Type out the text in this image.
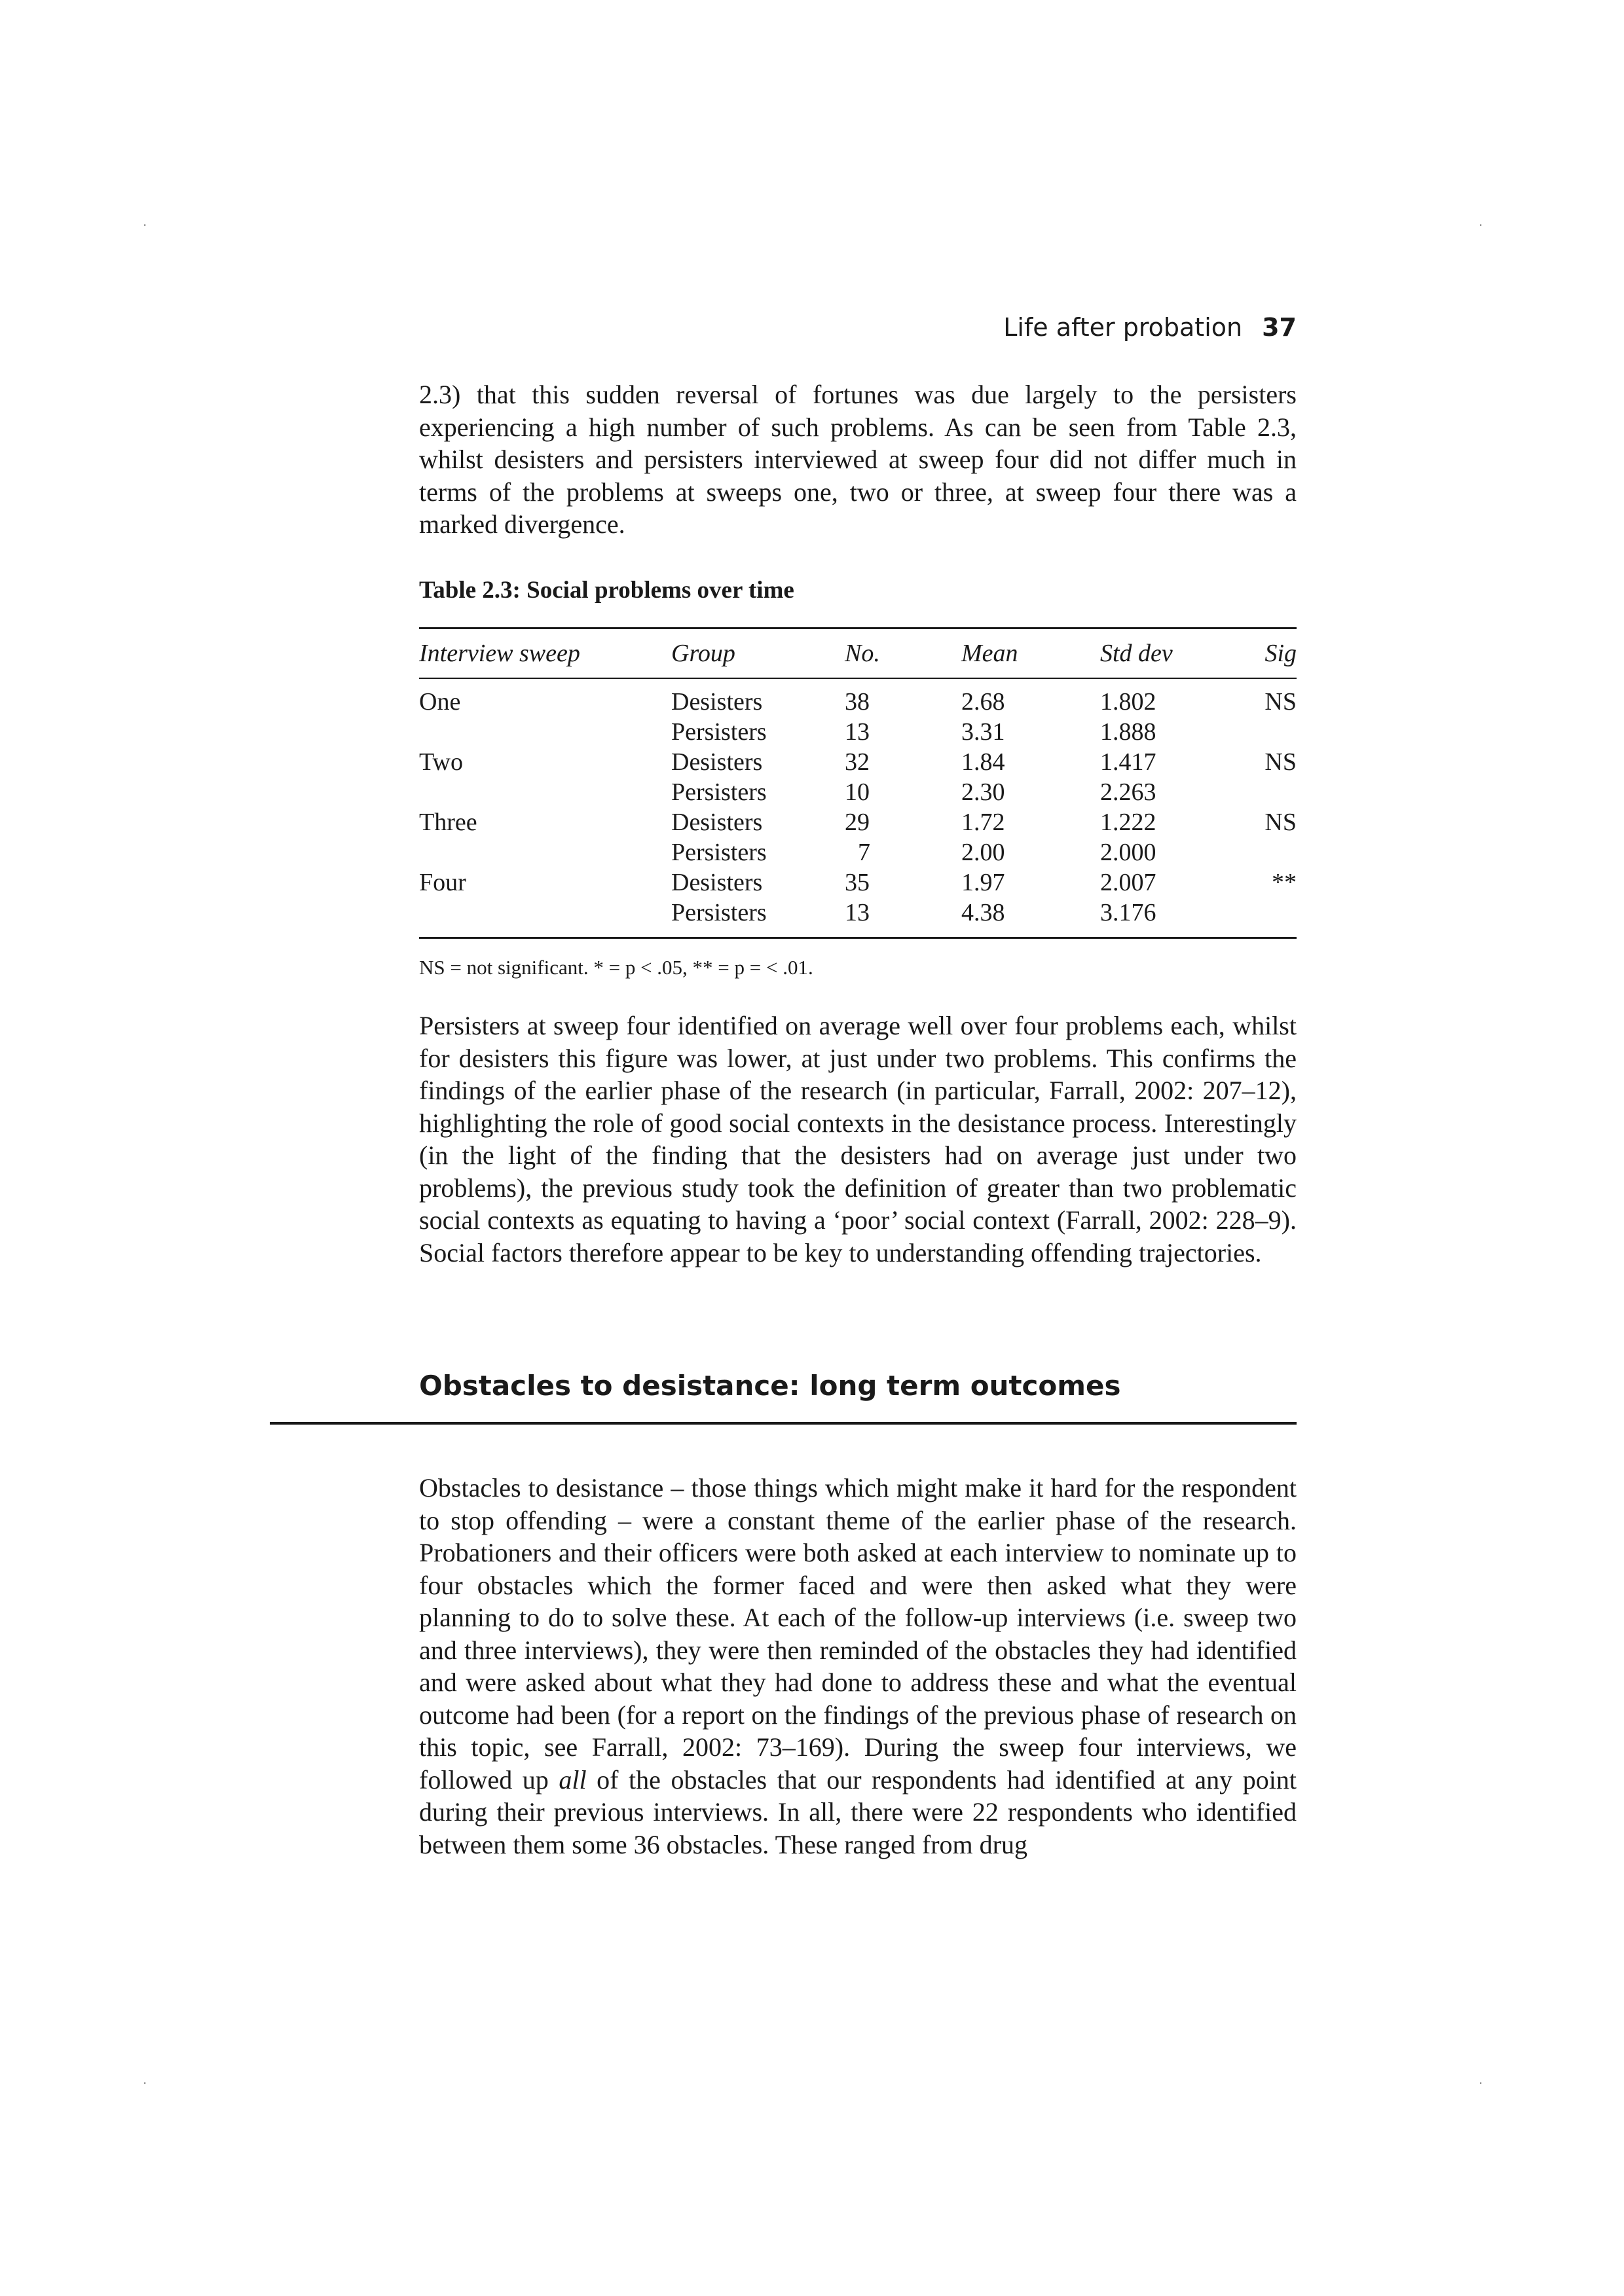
·	·
·	·
Life after probation 37

2.3) that this sudden reversal of fortunes was due largely to the persisters experiencing a high number of such problems. As can be seen from Table 2.3, whilst desisters and persisters interviewed at sweep four did not differ much in terms of the problems at sweeps one, two or three, at sweep four there was a marked divergence.

Table 2.3: Social problems over time
Interview sweep	Group	No.	Mean	Std dev	Sig
One	Desisters	38	2.68	1.802	NS
	Persisters	13	3.31	1.888	
Two	Desisters	32	1.84	1.417	NS
	Persisters	10	2.30	2.263	
Three	Desisters	29	1.72	1.222	NS
	Persisters	7	2.00	2.000	
Four	Desisters	35	1.97	2.007	**
	Persisters	13	4.38	3.176	
NS = not significant. * = p < .05, ** = p = < .01.

Persisters at sweep four identified on average well over four problems each, whilst for desisters this figure was lower, at just under two problems. This confirms the findings of the earlier phase of the research (in particular, Farrall, 2002: 207–12), highlighting the role of good social contexts in the desistance process. Interestingly (in the light of the finding that the desisters had on average just under two problems), the previous study took the definition of greater than two problematic social contexts as equating to having a ‘poor’ social context (Farrall, 2002: 228–9). Social factors therefore appear to be key to understanding offending trajectories.

Obstacles to desistance: long term outcomes

Obstacles to desistance – those things which might make it hard for the respondent to stop offending – were a constant theme of the earlier phase of the research. Probationers and their officers were both asked at each interview to nominate up to four obstacles which the former faced and were then asked what they were planning to do to solve these. At each of the follow-up interviews (i.e. sweep two and three interviews), they were then reminded of the obstacles they had identified and were asked about what they had done to address these and what the eventual outcome had been (for a report on the findings of the previous phase of research on this topic, see Farrall, 2002: 73–169). During the sweep four interviews, we followed up all of the obstacles that our respondents had identified at any point during their previous interviews. In all, there were 22 respondents who identified between them some 36 obstacles. These ranged from drug
